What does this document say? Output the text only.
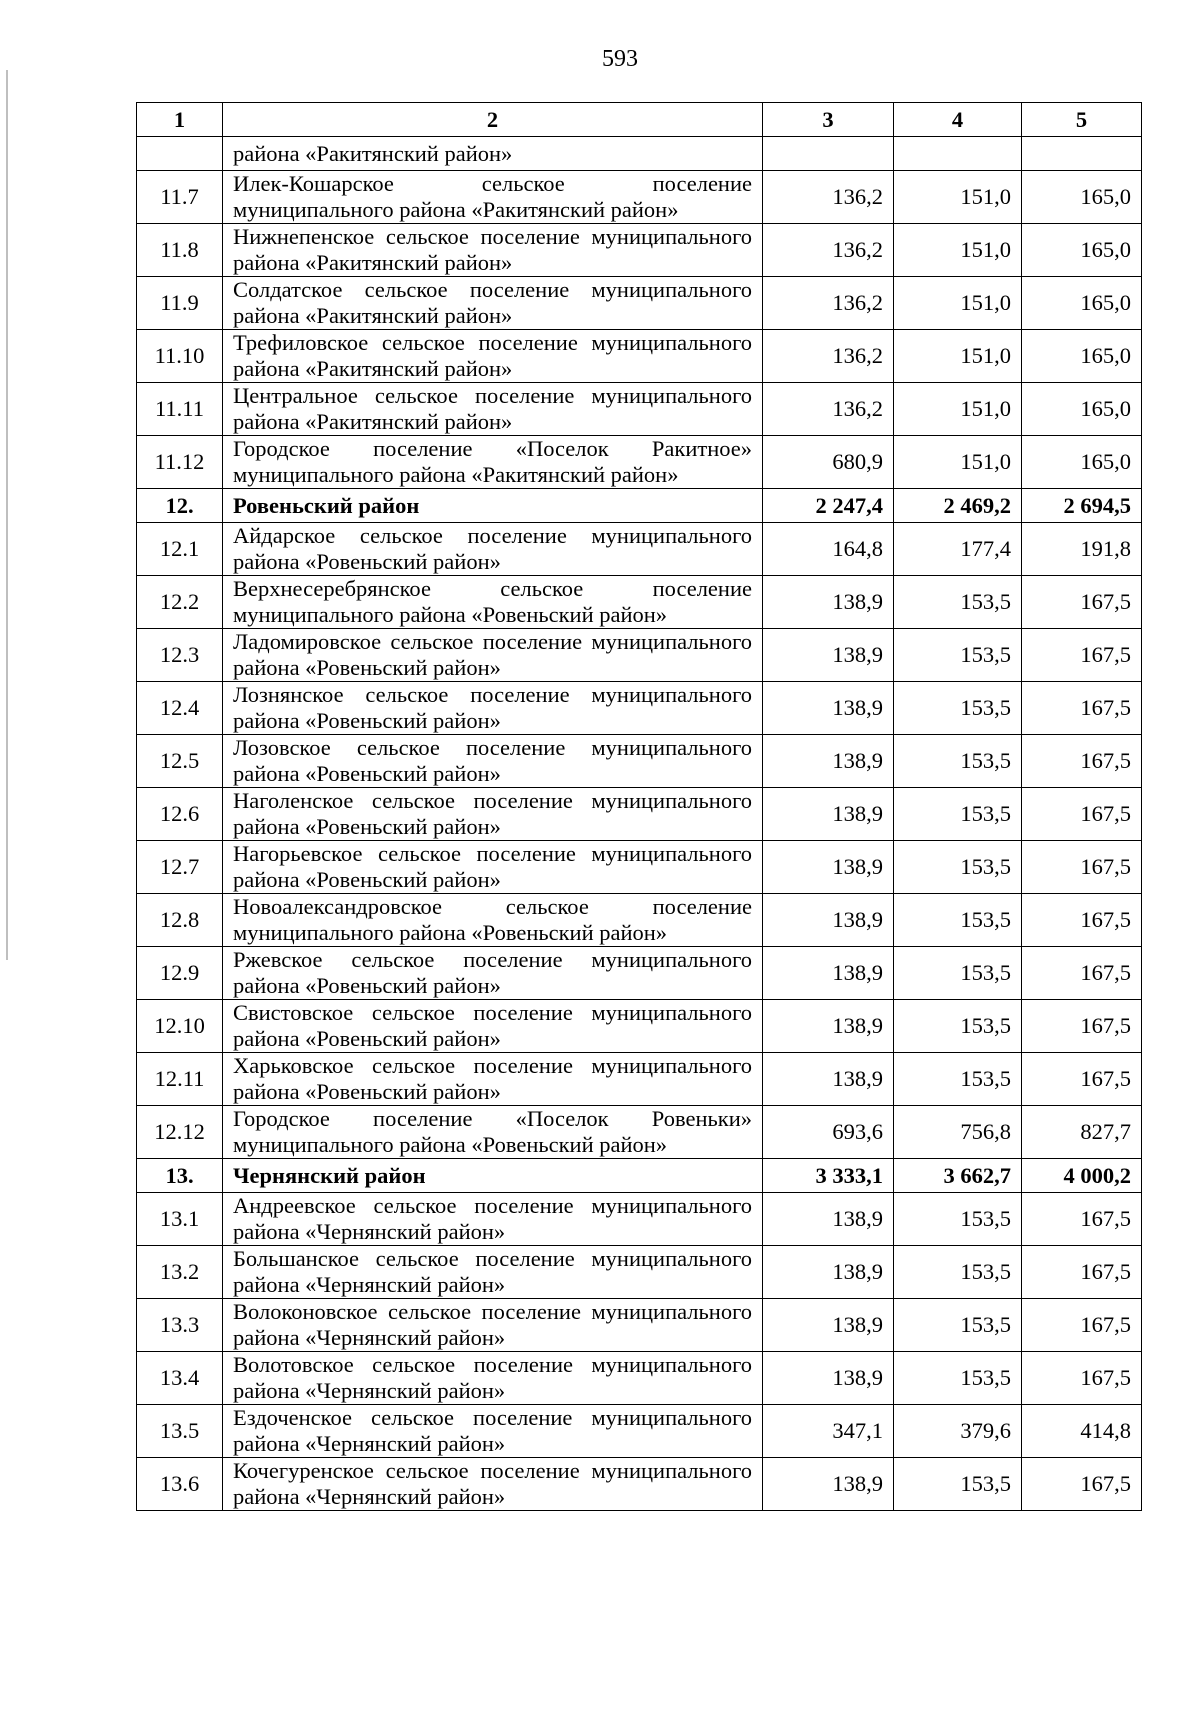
593
1	2	3	4	5
	района «Ракитянский район»			
11.7	Илек-Кошарское сельское поселение муниципального района «Ракитянский район»	136,2	151,0	165,0
11.8	Нижнепенское сельское поселение муниципального района «Ракитянский район»	136,2	151,0	165,0
11.9	Солдатское сельское поселение муниципального района «Ракитянский район»	136,2	151,0	165,0
11.10	Трефиловское сельское поселение муниципального района «Ракитянский район»	136,2	151,0	165,0
11.11	Центральное сельское поселение муниципального района «Ракитянский район»	136,2	151,0	165,0
11.12	Городское поселение «Поселок Ракитное» муниципального района «Ракитянский район»	680,9	151,0	165,0
12.	Ровеньский район	2 247,4	2 469,2	2 694,5
12.1	Айдарское сельское поселение муниципального района «Ровеньский район»	164,8	177,4	191,8
12.2	Верхнесеребрянское сельское поселение муниципального района «Ровеньский район»	138,9	153,5	167,5
12.3	Ладомировское сельское поселение муниципального района «Ровеньский район»	138,9	153,5	167,5
12.4	Лознянское сельское поселение муниципального района «Ровеньский район»	138,9	153,5	167,5
12.5	Лозовское сельское поселение муниципального района «Ровеньский район»	138,9	153,5	167,5
12.6	Наголенское сельское поселение муниципального района «Ровеньский район»	138,9	153,5	167,5
12.7	Нагорьевское сельское поселение муниципального района «Ровеньский район»	138,9	153,5	167,5
12.8	Новоалександровское сельское поселение муниципального района «Ровеньский район»	138,9	153,5	167,5
12.9	Ржевское сельское поселение муниципального района «Ровеньский район»	138,9	153,5	167,5
12.10	Свистовское сельское поселение муниципального района «Ровеньский район»	138,9	153,5	167,5
12.11	Харьковское сельское поселение муниципального района «Ровеньский район»	138,9	153,5	167,5
12.12	Городское поселение «Поселок Ровеньки» муниципального района «Ровеньский район»	693,6	756,8	827,7
13.	Чернянский район	3 333,1	3 662,7	4 000,2
13.1	Андреевское сельское поселение муниципального района «Чернянский район»	138,9	153,5	167,5
13.2	Большанское сельское поселение муниципального района «Чернянский район»	138,9	153,5	167,5
13.3	Волоконовское сельское поселение муниципального района «Чернянский район»	138,9	153,5	167,5
13.4	Волотовское сельское поселение муниципального района «Чернянский район»	138,9	153,5	167,5
13.5	Ездоченское сельское поселение муниципального района «Чернянский район»	347,1	379,6	414,8
13.6	Кочегуренское сельское поселение муниципального района «Чернянский район»	138,9	153,5	167,5
